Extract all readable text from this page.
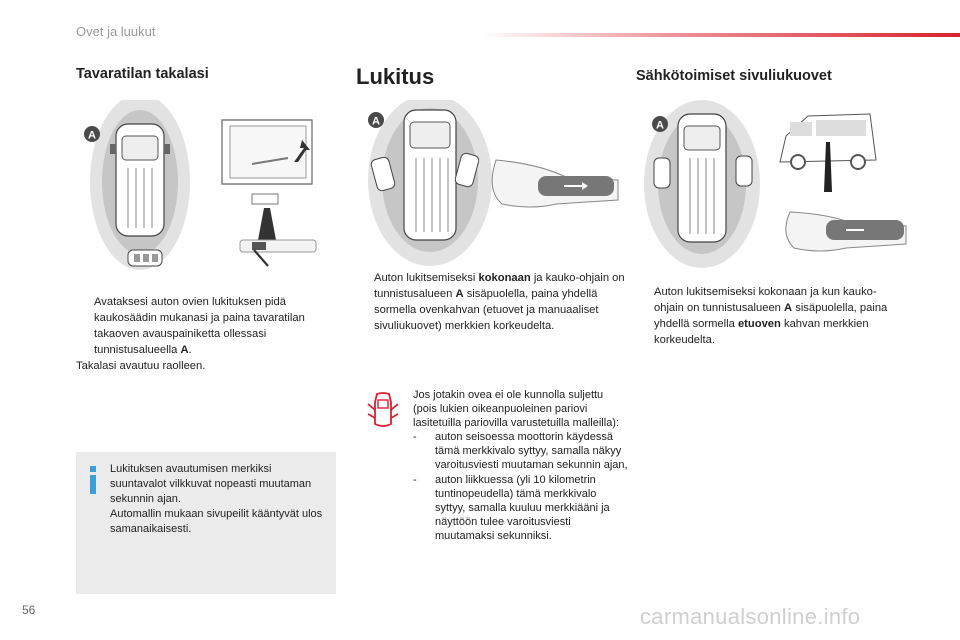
Ovet ja luukut
Tavaratilan takalasi	Lukitus	Sähkötoimiset sivuliukuovet
A
A	A
Avataksesi auton ovien lukituksen pidä kaukosäädin mukanasi ja paina tavaratilan takaoven avauspainiketta ollessasi tunnistusalueella A.
Takalasi avautuu raolleen.
Lukituksen avautumisen merkiksi suuntavalot vilkkuvat nopeasti muutaman sekunnin ajan.
Automallin mukaan sivupeilit kääntyvät ulos samanaikaisesti.
Auton lukitsemiseksi kokonaan ja kauko-ohjain on tunnistusalueen A sisäpuolella, paina yhdellä sormella ovenkahvan (etuovet ja manuaaliset sivuliukuovet) merkkien korkeudelta.
Jos jotakin ovea ei ole kunnolla suljettu (pois lukien oikeanpuoleinen pariovi lasitetuilla pariovilla varustetuilla malleilla):
- auton seisoessa moottorin käydessä tämä merkkivalo syttyy, samalla näkyy varoitusviesti muutaman sekunnin ajan,
- auton liikkuessa (yli 10 kilometrin tuntinopeudella) tämä merkkivalo syttyy, samalla kuuluu merkkiääni ja näyttöön tulee varoitusviesti muutamaksi sekunniksi.
Auton lukitsemiseksi kokonaan ja kun kauko-ohjain on tunnistusalueen A sisäpuolella, paina yhdellä sormella etuoven kahvan merkkien korkeudelta.
56	carmanualsonline.info
